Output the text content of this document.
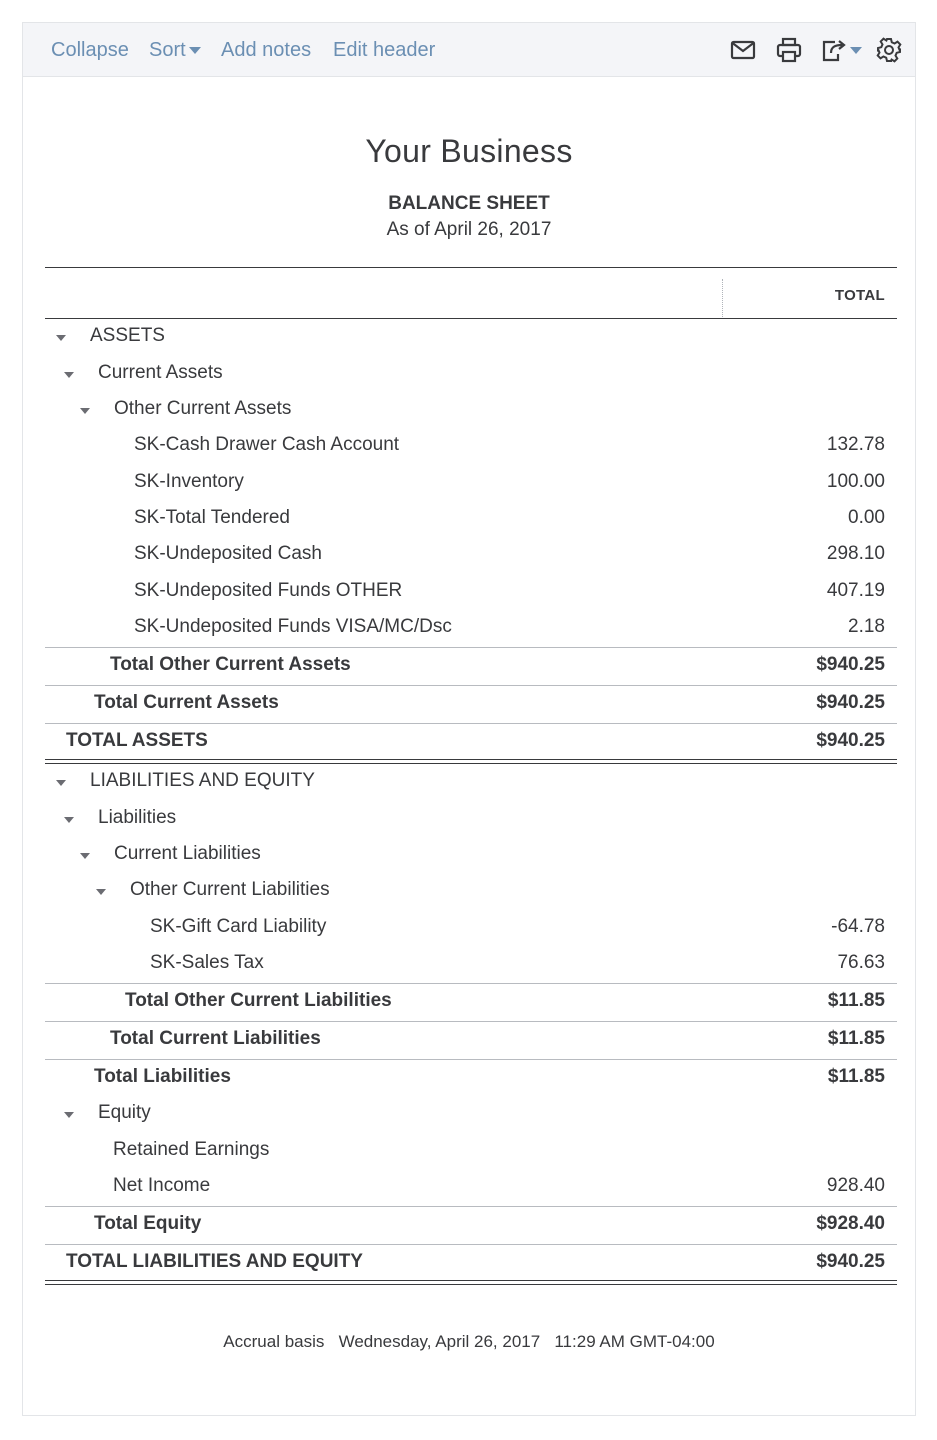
Collapse Sort	Add notes Edit header
Your Business
BALANCE SHEET
As of April 26, 2017
TOTAL
ASSETS
Current Assets
Other Current Assets
SK-Cash Drawer Cash Account	132.78
SK-Inventory	100.00
SK-Total Tendered	0.00
SK-Undeposited Cash	298.10
SK-Undeposited Funds OTHER	407.19
SK-Undeposited Funds VISA/MC/Dsc	2.18
Total Other Current Assets	$940.25
Total Current Assets	$940.25
TOTAL ASSETS	$940.25
LIABILITIES AND EQUITY
Liabilities
Current Liabilities
Other Current Liabilities
SK-Gift Card Liability	-64.78
SK-Sales Tax	76.63
Total Other Current Liabilities	$11.85
Total Current Liabilities	$11.85
Total Liabilities	$11.85
Equity
Retained Earnings
Net Income	928.40
Total Equity	$928.40
TOTAL LIABILITIES AND EQUITY	$940.25
Accrual basis Wednesday, April 26, 2017   11:29 AM GMT-04:00
